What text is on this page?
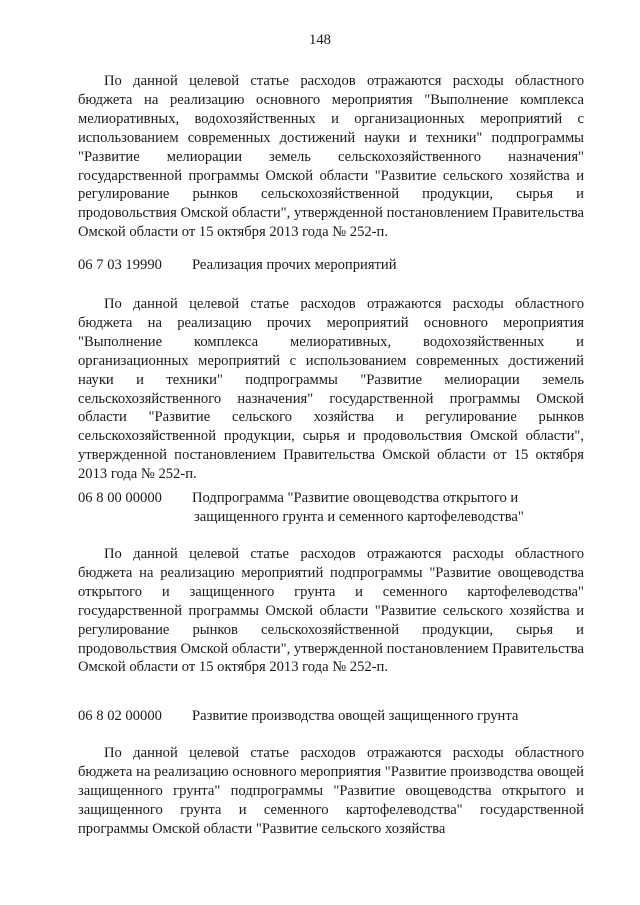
148

По данной целевой статье расходов отражаются расходы областного бюджета на реализацию основного мероприятия "Выполнение комплекса мелиоративных, водохозяйственных и организационных мероприятий с использованием современных достижений науки и техники" подпрограммы "Развитие мелиорации земель сельскохозяйственного назначения" государственной программы Омской области "Развитие сельского хозяйства и регулирование рынков сельскохозяйственной продукции, сырья и продовольствия Омской области", утвержденной постановлением Правительства Омской области от 15 октября 2013 года № 252-п.

06 7 03 19990 Реализация прочих мероприятий

По данной целевой статье расходов отражаются расходы областного бюджета на реализацию прочих мероприятий основного мероприятия "Выполнение комплекса мелиоративных, водохозяйственных и организационных мероприятий с использованием современных достижений науки и техники" подпрограммы "Развитие мелиорации земель сельскохозяйственного назначения" государственной программы Омской области "Развитие сельского хозяйства и регулирование рынков сельскохозяйственной продукции, сырья и продовольствия Омской области", утвержденной постановлением Правительства Омской области от 15 октября 2013 года № 252-п.

06 8 00 00000 Подпрограмма "Развитие овощеводства открытого и
защищенного грунта и семенного картофелеводства"

По данной целевой статье расходов отражаются расходы областного бюджета на реализацию мероприятий подпрограммы "Развитие овощеводства открытого и защищенного грунта и семенного картофелеводства" государственной программы Омской области "Развитие сельского хозяйства и регулирование рынков сельскохозяйственной продукции, сырья и продовольствия Омской области", утвержденной постановлением Правительства Омской области от 15 октября 2013 года № 252-п.

06 8 02 00000 Развитие производства овощей защищенного грунта

По данной целевой статье расходов отражаются расходы областного бюджета на реализацию основного мероприятия "Развитие производства овощей защищенного грунта" подпрограммы "Развитие овощеводства открытого и защищенного грунта и семенного картофелеводства" государственной программы Омской области "Развитие сельского хозяйства
